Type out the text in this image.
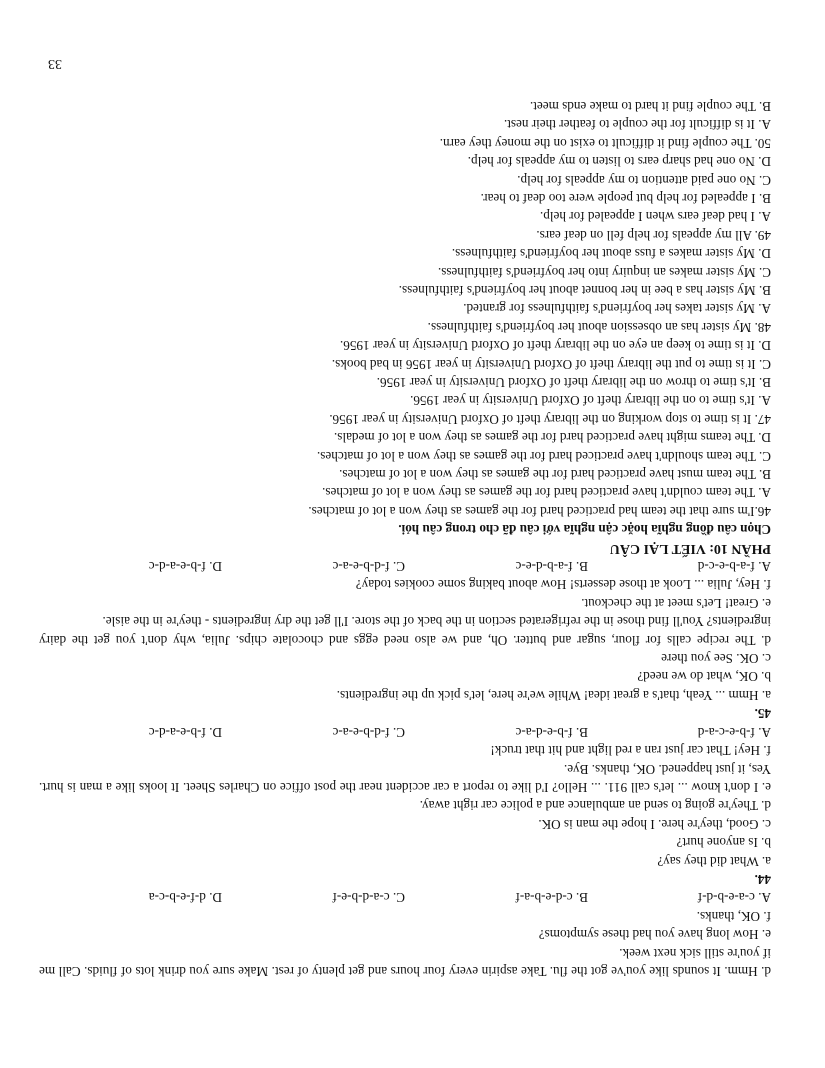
d. Hmm. It sounds like you've got the flu. Take aspirin every four hours and get plenty of rest. Make sure you drink lots of fluids. Call me if you're still sick next week.

e. How long have you had these symptoms?

f. OK, thanks.

A. c-a-e-b-d-f
B. c-d-e-b-a-f
C. c-a-d-b-e-f
D. d-f-e-b-c-a

44.

a. What did they say?

b. Is anyone hurt?

c. Good, they're here. I hope the man is OK.

d. They're going to send an ambulance and a police car right away.

e. I don't know ... let's call 911. ... Hello? I'd like to report a car accident near the post office on Charles Sheet. It looks like a man is hurt. Yes, it just happened. OK, thanks. Bye.

f. Hey! That car just ran a red light and hit that truck!

A. f-b-e-c-a-d
B. f-b-e-d-a-c
C. f-d-b-e-a-c
D. f-b-e-a-d-c

45.

a. Hmm ... Yeah, that's a great idea! While we're here, let's pick up the ingredients.

b. OK, what do we need?

c. OK. See you there

d. The recipe calls for flour, sugar and butter. Oh, and we also need eggs and chocolate chips. Julia, why don't you get the dairy ingredients? You'll find those in the refrigerated section in the back of the store. I'll get the dry ingredients - they're in the aisle.

e. Great! Let's meet at the checkout.

f. Hey, Julia ... Look at those desserts! How about baking some cookies today?

A. f-a-b-e-c-d
B. f-a-b-d-e-c
C. f-d-b-e-a-c
D. f-b-e-a-d-c

PHẦN 10: VIẾT LẠI CÂU

Chọn câu đồng nghĩa hoặc cận nghĩa với câu đã cho trong câu hỏi.

46.I'm sure that the team had practiced hard for the games as they won a lot of matches.

A. The team couldn't have practiced hard for the games as they won a lot of matches.

B. The team must have practiced hard for the games as they won a lot of matches.

C. The team shouldn't have practiced hard for the games as they won a lot of matches.

D. The teams might have practiced hard for the games as they won a lot of medals.

47. It is time to stop working on the library theft of Oxford University in year 1956.

A. It's time to on the library theft of Oxford University in year 1956.

B. It's time to throw on the library theft of Oxford University in year 1956.

C. It is time to put the library theft of Oxford University in year 1956 in bad books.

D. It is time to keep an eye on the library theft of Oxford University in year 1956.

48. My sister has an obsession about her boyfriend's faithfulness.

A. My sister takes her boyfriend's faithfulness for granted.

B. My sister has a bee in her bonnet about her boyfriend's faithfulness.

C. My sister makes an inquiry into her boyfriend's faithfulness.

D. My sister makes a fuss about her boyfriend's faithfulness.

49. All my appeals for help fell on deaf ears.

A. I had deaf ears when I appealed for help.

B. I appealed for help but people were too deaf to hear.

C. No one paid attention to my appeals for help.

D. No one had sharp ears to listen to my appeals for help.

50. The couple find it difficult to exist on the money they earn.

A. It is difficult for the couple to feather their nest.

B. The couple find it hard to make ends meet.

33
